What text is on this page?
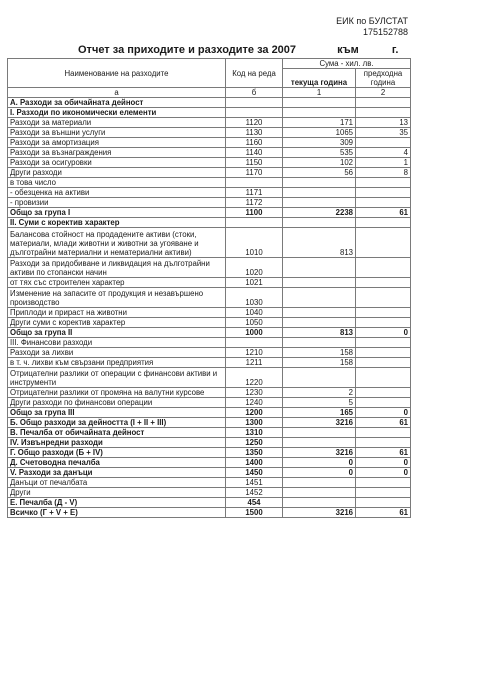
ЕИК по БУЛСТАТ
175152788
Отчет за приходите и разходите за 2007	към	г.
Наименование на разходите	Код на реда	Сума - хил. лв.	
		текуща година	предходна година

а	б	1	2
А. Разходи за обичайната дейност			
I. Разходи по икономически елементи			
Разходи за материали	1120	171	13
Разходи за външни услуги	1130	1065	35
Разходи за амортизация	1160	309	
Разходи за възнаграждения	1140	535	4
Разходи за осигуровки	1150	102	1
Други разходи	1170	56	8
в това число			
- обезценка на активи	1171		
- провизии	1172		
Общо за група I	1100	2238	61
II. Суми с коректив характер			
Балансова стойност на продадените активи (стоки, материали, млади животни и животни за угояване и дълготрайни материални и нематериални активи)	1010	813	
Разходи за придобиване и ликвидация на дълготрайни активи по стопански начин	1020		
от тях със строителен характер	1021		
Изменение на запасите от продукция и незавършено производство	1030		
Приплоди и прираст на животни	1040		
Други суми с коректив характер	1050		
Общо за група II	1000	813	0
III. Финансови разходи			
Разходи за лихви	1210	158	
в т. ч. лихви към свързани предприятия	1211	158	
Отрицателни разлики от операции с финансови активи и инструменти	1220		
Отрицателни разлики от промяна на валутни курсове	1230	2	
Други разходи по финансови операции	1240	5	
Общо за група III	1200	165	0
Б. Общо разходи за дейността (I + II + III)	1300	3216	61
В. Печалба от обичайната дейност	1310		
IV. Извънредни разходи	1250		
Г. Общо разходи (Б + IV)	1350	3216	61
Д. Счетоводна печалба	1400	0	0
V. Разходи за данъци	1450	0	0
Данъци от печалбата	1451		
Други	1452		
Е. Печалба (Д - V)	454		
Всичко (Г + V + Е)	1500	3216	61
